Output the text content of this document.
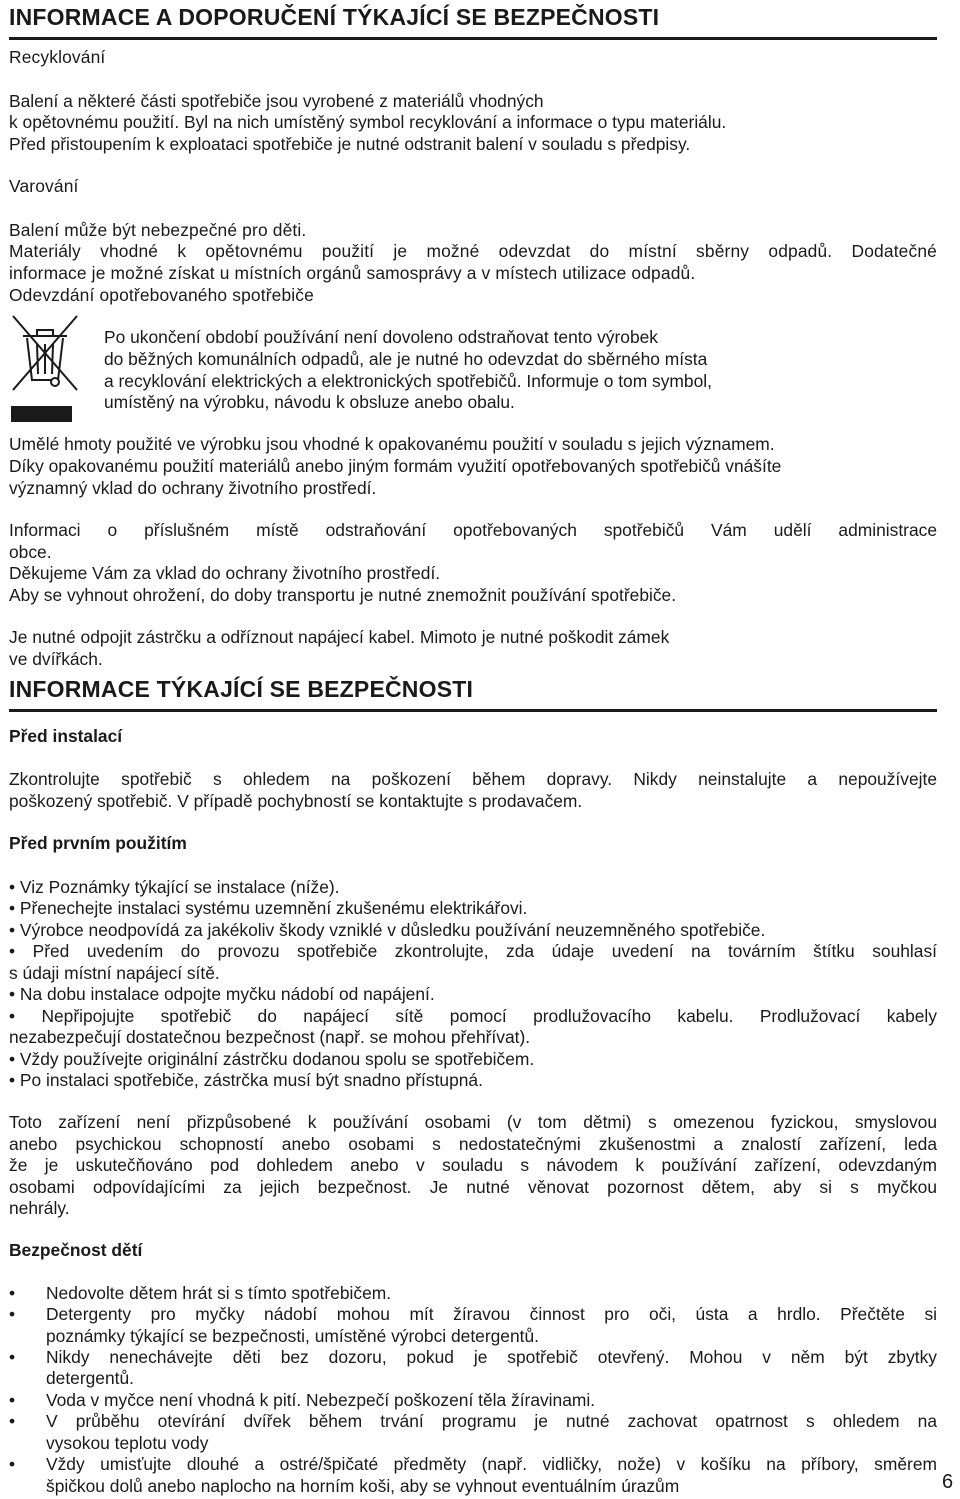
INFORMACE A DOPORUČENÍ TÝKAJÍCÍ SE BEZPEČNOSTI
Recyklování
Balení a některé části spotřebiče jsou vyrobené z materiálů vhodných
k opětovnému použití. Byl na nich umístěný symbol recyklování a informace o typu materiálu.
Před přistoupením k exploataci spotřebiče je nutné odstranit balení v souladu s předpisy.
Varování
Balení může být nebezpečné pro děti.
Materiály vhodné k opětovnému použití je možné odevzdat do místní sběrny odpadů. Dodatečné
informace je možné získat u místních orgánů samosprávy a v místech utilizace odpadů.
Odevzdání opotřebovaného spotřebiče
Po ukončení období používání není dovoleno odstraňovat tento výrobek
do běžných komunálních odpadů, ale je nutné ho odevzdat do sběrného místa
a recyklování elektrických a elektronických spotřebičů. Informuje o tom symbol,
umístěný na výrobku, návodu k obsluze anebo obalu.
Umělé hmoty použité ve výrobku jsou vhodné k opakovanému použití v souladu s jejich významem.
Díky opakovanému použití materiálů anebo jiným formám využití opotřebovaných spotřebičů vnášíte
významný vklad do ochrany životního prostředí.
Informaci o příslušném místě odstraňování opotřebovaných spotřebičů Vám udělí administrace
obce.
Děkujeme Vám za vklad do ochrany životního prostředí.
Aby se vyhnout ohrožení, do doby transportu je nutné znemožnit používání spotřebiče.
Je nutné odpojit zástrčku a odříznout napájecí kabel. Mimoto je nutné poškodit zámek
ve dvířkách.
INFORMACE TÝKAJÍCÍ SE BEZPEČNOSTI
Před instalací
Zkontrolujte spotřebič s ohledem na poškození během dopravy. Nikdy neinstalujte a nepoužívejte
poškozený spotřebič. V případě pochybností se kontaktujte s prodavačem.
Před prvním použitím
• Viz Poznámky týkající se instalace (níže).
• Přenechejte instalaci systému uzemnění zkušenému elektrikářovi.
• Výrobce neodpovídá za jakékoliv škody vzniklé v důsledku používání neuzemněného spotřebiče.
• Před uvedením do provozu spotřebiče zkontrolujte, zda údaje uvedení na továrním štítku souhlasí
s údaji místní napájecí sítě.
• Na dobu instalace odpojte myčku nádobí od napájení.
• Nepřipojujte spotřebič do napájecí sítě pomocí prodlužovacího kabelu. Prodlužovací kabely
nezabezpečují dostatečnou bezpečnost (např. se mohou přehřívat).
• Vždy používejte originální zástrčku dodanou spolu se spotřebičem.
• Po instalaci spotřebiče, zástrčka musí být snadno přístupná.
Toto zařízení není přizpůsobené k používání osobami (v tom dětmi) s omezenou fyzickou, smyslovou
anebo psychickou schopností anebo osobami s nedostatečnými zkušenostmi a znalostí zařízení, leda
že je uskutečňováno pod dohledem anebo v souladu s návodem k používání zařízení, odevzdaným
osobami odpovídajícími za jejich bezpečnost. Je nutné věnovat pozornost dětem, aby si s myčkou
nehrály.
Bezpečnost dětí
• Nedovolte dětem hrát si s tímto spotřebičem.
• Detergenty pro myčky nádobí mohou mít žíravou činnost pro oči, ústa a hrdlo. Přečtěte si
poznámky týkající se bezpečnosti, umístěné výrobci detergentů.
• Nikdy nenechávejte děti bez dozoru, pokud je spotřebič otevřený. Mohou v něm být zbytky
detergentů.
• Voda v myčce není vhodná k pití. Nebezpečí poškození těla žíravinami.
• V průběhu otevírání dvířek během trvání programu je nutné zachovat opatrnost s ohledem na
vysokou teplotu vody
• Vždy umisťujte dlouhé a ostré/špičaté předměty (např. vidličky, nože) v košíku na příbory, směrem
špičkou dolů anebo naplocho na horním koši, aby se vyhnout eventuálním úrazům	6
